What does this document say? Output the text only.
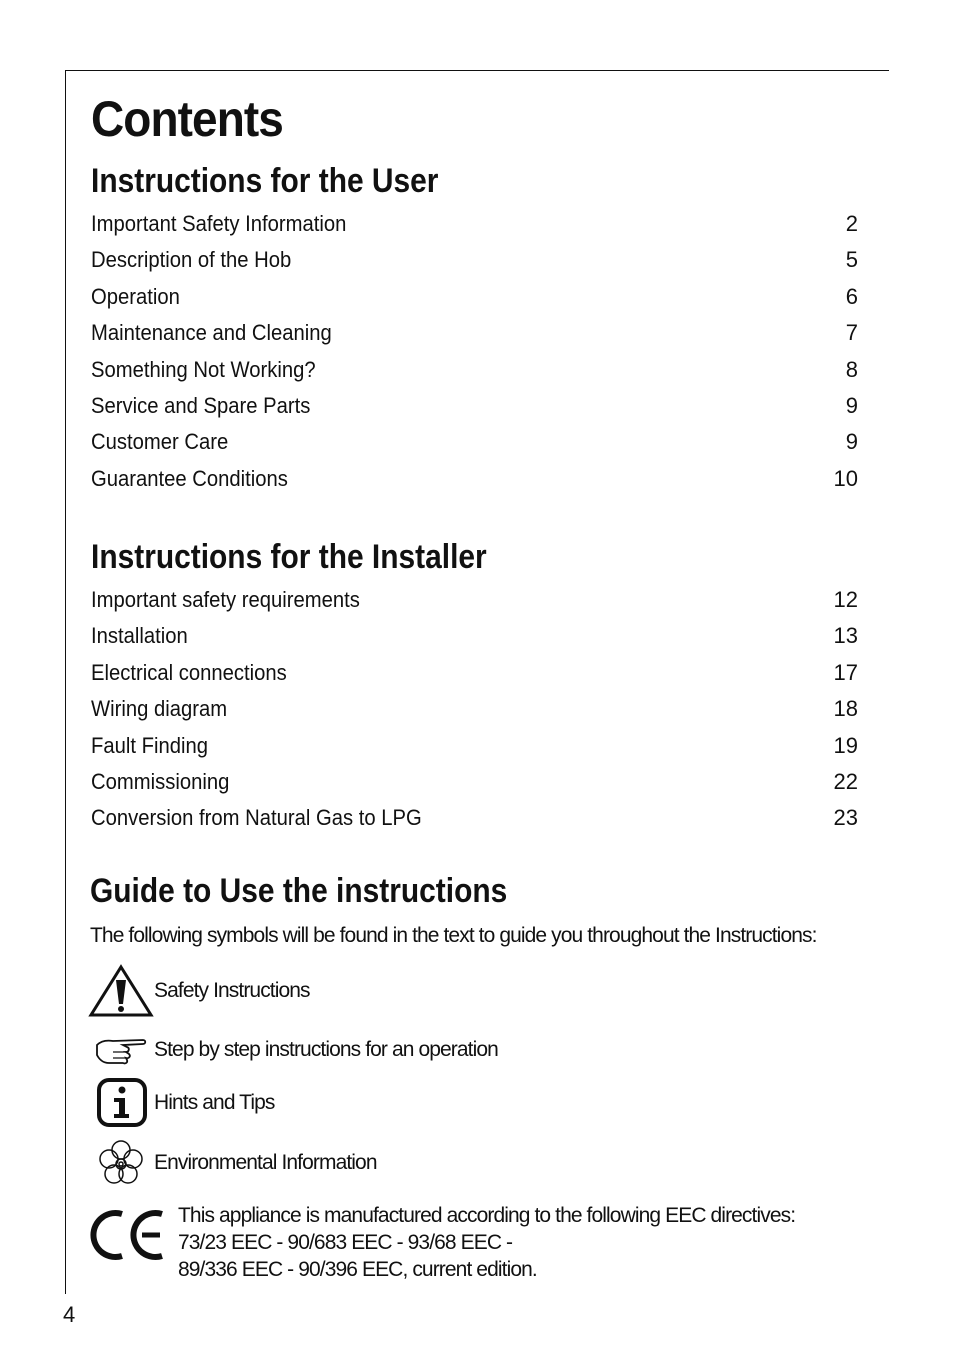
Contents
Instructions for the User
Important Safety Information	2
Description of the Hob	5
Operation	6
Maintenance and Cleaning	7
Something Not Working?	8
Service and Spare Parts	9
Customer Care	9
Guarantee Conditions	10
Instructions for the Installer
Important safety requirements	12
Installation	13
Electrical connections	17
Wiring diagram	18
Fault Finding	19
Commissioning	22
Conversion from Natural Gas to LPG	23
Guide to Use the instructions

The following symbols will be found in the text to guide you throughout the Instructions:

Safety Instructions
Step by step instructions for an operation
Hints and Tips
Environmental Information
This appliance is manufactured according to the following EEC directives:
73/23 EEC - 90/683 EEC - 93/68 EEC -
89/336 EEC - 90/396 EEC, current edition.
4
